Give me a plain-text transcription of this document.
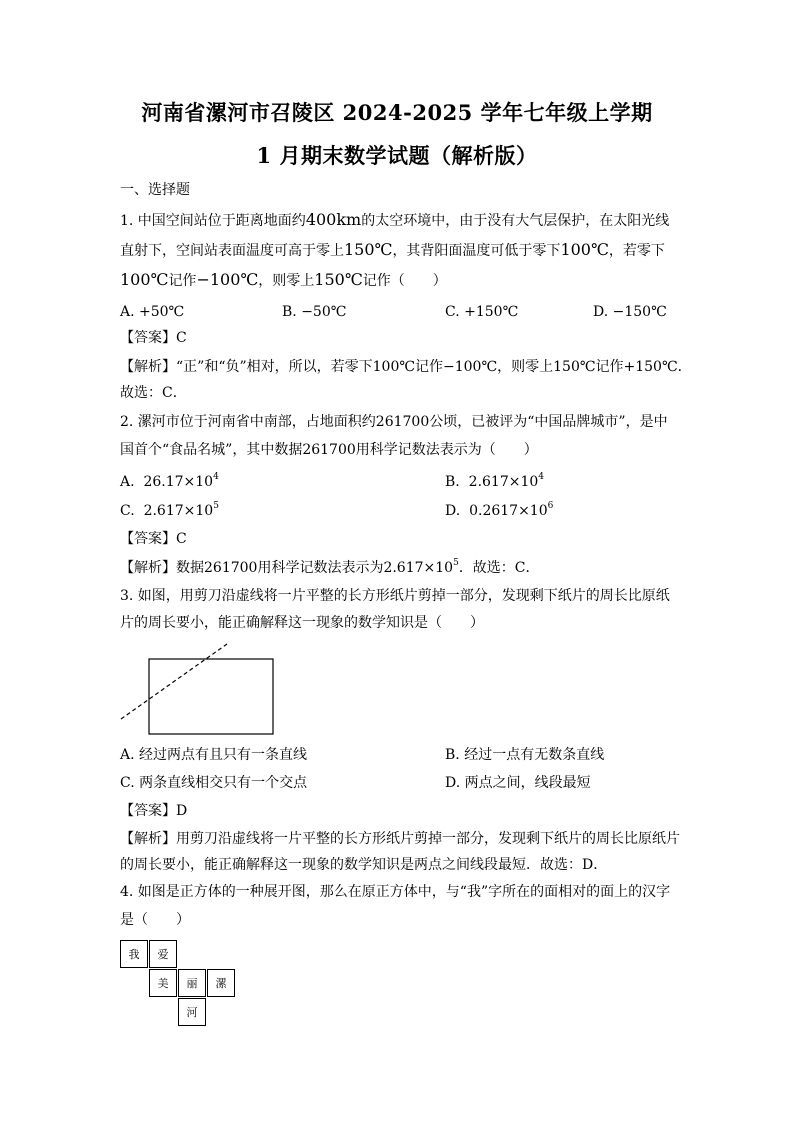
河南省漯河市召陵区 2024-2025 学年七年级上学期
1 月期末数学试题（解析版）
一、选择题
1. 中国空间站位于距离地面约400km的太空环境中，由于没有大气层保护，在太阳光线
直射下，空间站表面温度可高于零上150℃，其背阳面温度可低于零下100℃，若零下
100℃记作−100℃，则零上150℃记作（　　）
A. +50℃	B. −50℃	C. +150℃	D. −150℃
【答案】C
【解析】“正”和“负”相对，所以，若零下100℃记作−100℃，则零上150℃记作+150℃．
故选：C．
2. 漯河市位于河南省中南部，占地面积约261700公顷，已被评为“中国品牌城市”，是中
国首个“食品名城”，其中数据261700用科学记数法表示为（　　）
A. $26.17\times 10^4$	B. $2.617\times 10^4$
C. $2.617\times 10^5$	D. $0.2617\times 10^6$
【答案】C
【解析】数据261700用科学记数法表示为$2.617\times 10^5$．故选：C．
3. 如图，用剪刀沿虚线将一片平整的长方形纸片剪掉一部分，发现剩下纸片的周长比原纸
片的周长要小，能正确解释这一现象的数学知识是（　　）
A. 经过两点有且只有一条直线	B. 经过一点有无数条直线
C. 两条直线相交只有一个交点	D. 两点之间，线段最短
【答案】D
【解析】用剪刀沿虚线将一片平整的长方形纸片剪掉一部分，发现剩下纸片的周长比原纸片
的周长要小，能正确解释这一现象的数学知识是两点之间线段最短．故选：D．
4. 如图是正方体的一种展开图，那么在原正方体中，与“我”字所在的面相对的面上的汉字
是（　　）
我	爱
美	丽	漯
河
